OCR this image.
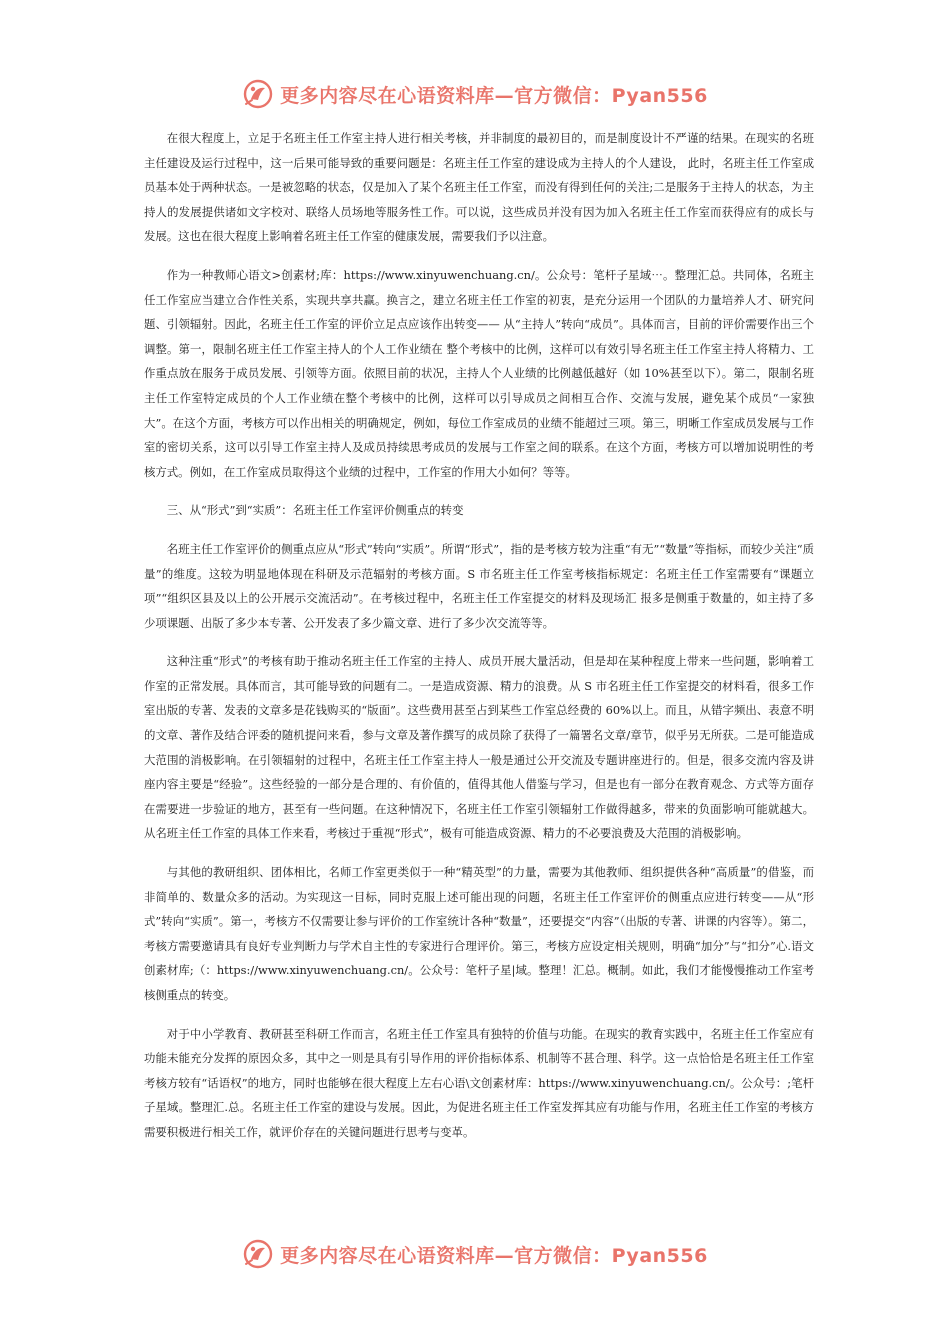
更多内容尽在心语资料库—官方微信：Pyan556

在很大程度上，立足于名班主任工作室主持人进行相关考核，并非制度的最初目的，而是制度设计不严谨的结果。在现实的名班主任建设及运行过程中，这一后果可能导致的重要问题是：名班主任工作室的建设成为主持人的个人建设， 此时，名班主任工作室成员基本处于两种状态。一是被忽略的状态，仅是加入了某个名班主任工作室，而没有得到任何的关注;二是服务于主持人的状态，为主持人的发展提供诸如文字校对、联络人员场地等服务性工作。可以说，这些成员并没有因为加入名班主任工作室而获得应有的成长与发展。这也在很大程度上影响着名班主任工作室的健康发展，需要我们予以注意。

作为一种教师心语文>创素材;库：https://www.xinyuwenchuang.cn/。公众号：笔杆子星域⋯。整理汇总。共同体，名班主任工作室应当建立合作性关系，实现共享共赢。换言之，建立名班主任工作室的初衷，是充分运用一个团队的力量培养人才、研究问题、引领辐射。因此，名班主任工作室的评价立足点应该作出转变—— 从“主持人”转向“成员”。具体而言，目前的评价需要作出三个调整。第一，限制名班主任工作室主持人的个人工作业绩在 整个考核中的比例，这样可以有效引导名班主任工作室主持人将精力、工作重点放在服务于成员发展、引领等方面。依照目前的状况，主持人个人业绩的比例越低越好（如 10%甚至以下）。第二，限制名班主任工作室特定成员的个人工作业绩在整个考核中的比例，这样可以引导成员之间相互合作、交流与发展，避免某个成员“一家独大”。在这个方面，考核方可以作出相关的明确规定，例如，每位工作室成员的业绩不能超过三项。第三，明晰工作室成员发展与工作室的密切关系，这可以引导工作室主持人及成员持续思考成员的发展与工作室之间的联系。在这个方面，考核方可以增加说明性的考核方式。例如，在工作室成员取得这个业绩的过程中，工作室的作用大小如何？等等。

三、从“形式”到“实质”：名班主任工作室评价侧重点的转变

名班主任工作室评价的侧重点应从“形式”转向“实质”。所谓“形式”，指的是考核方较为注重“有无”“数量”等指标，而较少关注“质量”的维度。这较为明显地体现在科研及示范辐射的考核方面。S 市名班主任工作室考核指标规定：名班主任工作室需要有“课题立项”“组织区县及以上的公开展示交流活动”。在考核过程中，名班主任工作室提交的材料及现场汇 报多是侧重于数量的，如主持了多少项课题、出版了多少本专著、公开发表了多少篇文章、进行了多少次交流等等。

这种注重“形式”的考核有助于推动名班主任工作室的主持人、成员开展大量活动，但是却在某种程度上带来一些问题，影响着工作室的正常发展。具体而言，其可能导致的问题有二。一是造成资源、精力的浪费。从 S 市名班主任工作室提交的材料看，很多工作室出版的专著、发表的文章多是花钱购买的“版面”。这些费用甚至占到某些工作室总经费的 60%以上。而且，从错字频出、表意不明的文章、著作及结合评委的随机提问来看，参与文章及著作撰写的成员除了获得了一篇署名文章/章节，似乎另无所获。二是可能造成大范围的消极影响。在引领辐射的过程中，名班主任工作室主持人一般是通过公开交流及专题讲座进行的。但是，很多交流内容及讲座内容主要是“经验”。这些经验的一部分是合理的、有价值的，值得其他人借鉴与学习，但是也有一部分在教育观念、方式等方面存在需要进一步验证的地方，甚至有一些问题。在这种情况下，名班主任工作室引领辐射工作做得越多，带来的负面影响可能就越大。从名班主任工作室的具体工作来看，考核过于重视“形式”，极有可能造成资源、精力的不必要浪费及大范围的消极影响。

与其他的教研组织、团体相比，名师工作室更类似于一种“精英型”的力量，需要为其他教师、组织提供各种“高质量”的借鉴，而非简单的、数量众多的活动。为实现这一目标，同时克服上述可能出现的问题，名班主任工作室评价的侧重点应进行转变——从“形式”转向“实质”。第一，考核方不仅需要让参与评价的工作室统计各种“数量”，还要提交“内容”（出版的专著、讲课的内容等）。第二，考核方需要邀请具有良好专业判断力与学术自主性的专家进行合理评价。第三，考核方应设定相关规则，明确“加分”与“扣分”心.语文创素材库;（：https://www.xinyuwenchuang.cn/。公众号：笔杆子星|域。整理！汇总。概制。如此，我们才能慢慢推动工作室考核侧重点的转变。

对于中小学教育、教研甚至科研工作而言，名班主任工作室具有独特的价值与功能。在现实的教育实践中，名班主任工作室应有功能未能充分发挥的原因众多，其中之一则是具有引导作用的评价指标体系、机制等不甚合理、科学。这一点恰恰是名班主任工作室考核方较有“话语权”的地方，同时也能够在很大程度上左右心语\文创素材库：https://www.xinyuwenchuang.cn/。公众号：;笔杆子星域。整理汇.总。名班主任工作室的建设与发展。因此，为促进名班主任工作室发挥其应有功能与作用，名班主任工作室的考核方需要积极进行相关工作，就评价存在的关键问题进行思考与变革。

更多内容尽在心语资料库—官方微信：Pyan556
